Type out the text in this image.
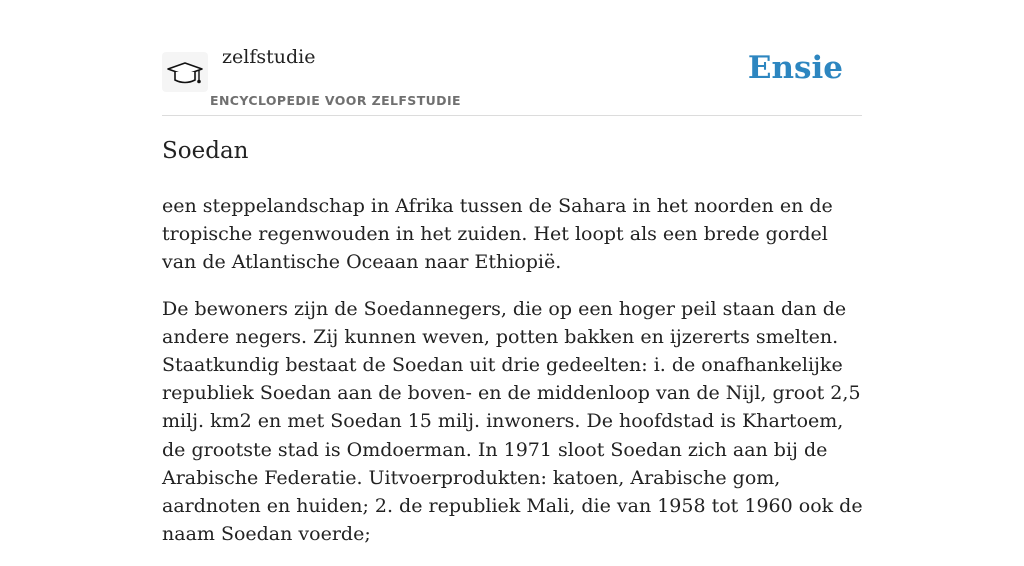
zelfstudie
ENCYCLOPEDIE VOOR ZELFSTUDIE
Ensie
Soedan

een steppelandschap in Afrika tussen de Sahara in het noorden en de tropische regenwouden in het zuiden. Het loopt als een brede gordel van de Atlantische Oceaan naar Ethiopië.

De bewoners zijn de Soedannegers, die op een hoger peil staan dan de andere negers. Zij kunnen weven, potten bakken en ijzererts smelten. Staatkundig bestaat de Soedan uit drie gedeelten: i. de onafhankelijke republiek Soedan aan de boven- en de middenloop van de Nijl, groot 2,5 milj. km2 en met Soedan 15 milj. inwoners. De hoofdstad is Khartoem, de grootste stad is Omdoerman. In 1971 sloot Soedan zich aan bij de Arabische Federatie. Uitvoerprodukten: katoen, Arabische gom, aardnoten en huiden; 2. de republiek Mali, die van 1958 tot 1960 ook de naam Soedan voerde;
